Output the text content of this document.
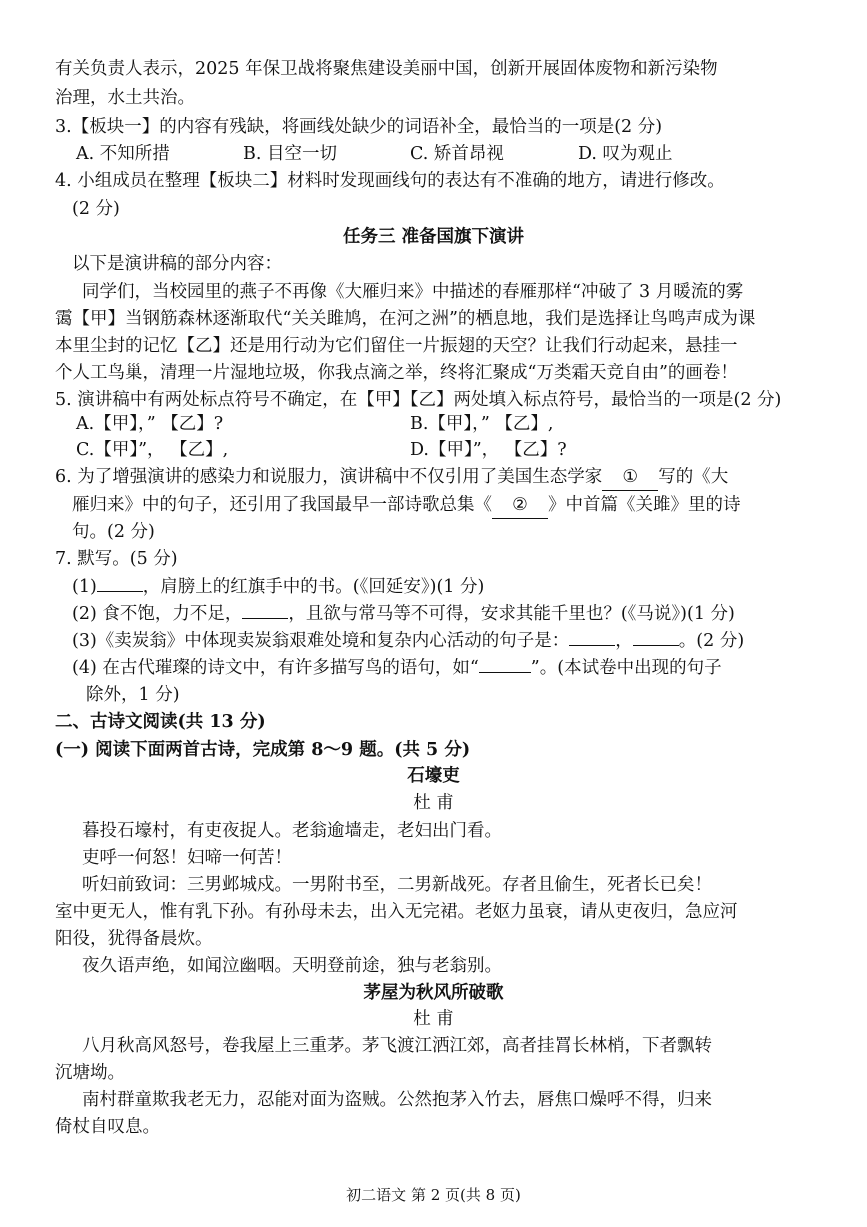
有关负责人表示，2025 年保卫战将聚焦建设美丽中国，创新开展固体废物和新污染物
治理，水土共治。
3.【板块一】的内容有残缺，将画线处缺少的词语补全，最恰当的一项是(2 分)
A. 不知所措	B. 目空一切	C. 矫首昂视	D. 叹为观止
4. 小组成员在整理【板块二】材料时发现画线句的表达有不准确的地方，请进行修改。
(2 分)
任务三 准备国旗下演讲
以下是演讲稿的部分内容：
同学们，当校园里的燕子不再像《大雁归来》中描述的春雁那样“冲破了 3 月暖流的雾
霭【甲】当钢筋森林逐渐取代“关关雎鸠，在河之洲”的栖息地，我们是选择让鸟鸣声成为课
本里尘封的记忆【乙】还是用行动为它们留住一片振翅的天空？让我们行动起来，悬挂一
个人工鸟巢，清理一片湿地垃圾，你我点滴之举，终将汇聚成“万类霜天竞自由”的画卷！
5. 演讲稿中有两处标点符号不确定，在【甲】【乙】两处填入标点符号，最恰当的一项是(2 分)
A.【甲】，” 【乙】?	B.【甲】，” 【乙】,
C.【甲】”， 【乙】,	D.【甲】”， 【乙】?
6. 为了增强演讲的感染力和说服力，演讲稿中不仅引用了美国生态学家 ① 写的《大
雁归来》中的句子，还引用了我国最早一部诗歌总集《 ② 》中首篇《关雎》里的诗
句。(2 分)
7. 默写。(5 分)
(1)	，肩膀上的红旗手中的书。(《回延安》)(1 分)
(2) 食不饱，力不足，	，且欲与常马等不可得，安求其能千里也？(《马说》)(1 分)
(3)《卖炭翁》中体现卖炭翁艰难处境和复杂内心活动的句子是：	，	。(2 分)
(4) 在古代璀璨的诗文中，有许多描写鸟的语句，如“	”。(本试卷中出现的句子
除外，1 分)
二、古诗文阅读(共 13 分)
(一) 阅读下面两首古诗，完成第 8～9 题。(共 5 分)
石壕吏
杜 甫
暮投石壕村，有吏夜捉人。老翁逾墙走，老妇出门看。
吏呼一何怒！妇啼一何苦！
听妇前致词：三男邺城戍。一男附书至，二男新战死。存者且偷生，死者长已矣！
室中更无人，惟有乳下孙。有孙母未去，出入无完裙。老妪力虽衰，请从吏夜归，急应河
阳役，犹得备晨炊。
夜久语声绝，如闻泣幽咽。天明登前途，独与老翁别。
茅屋为秋风所破歌
杜 甫
八月秋高风怒号，卷我屋上三重茅。茅飞渡江洒江郊，高者挂罥长林梢，下者飘转
沉塘坳。
南村群童欺我老无力，忍能对面为盗贼。公然抱茅入竹去，唇焦口燥呼不得，归来
倚杖自叹息。
初二语文 第 2 页(共 8 页)
